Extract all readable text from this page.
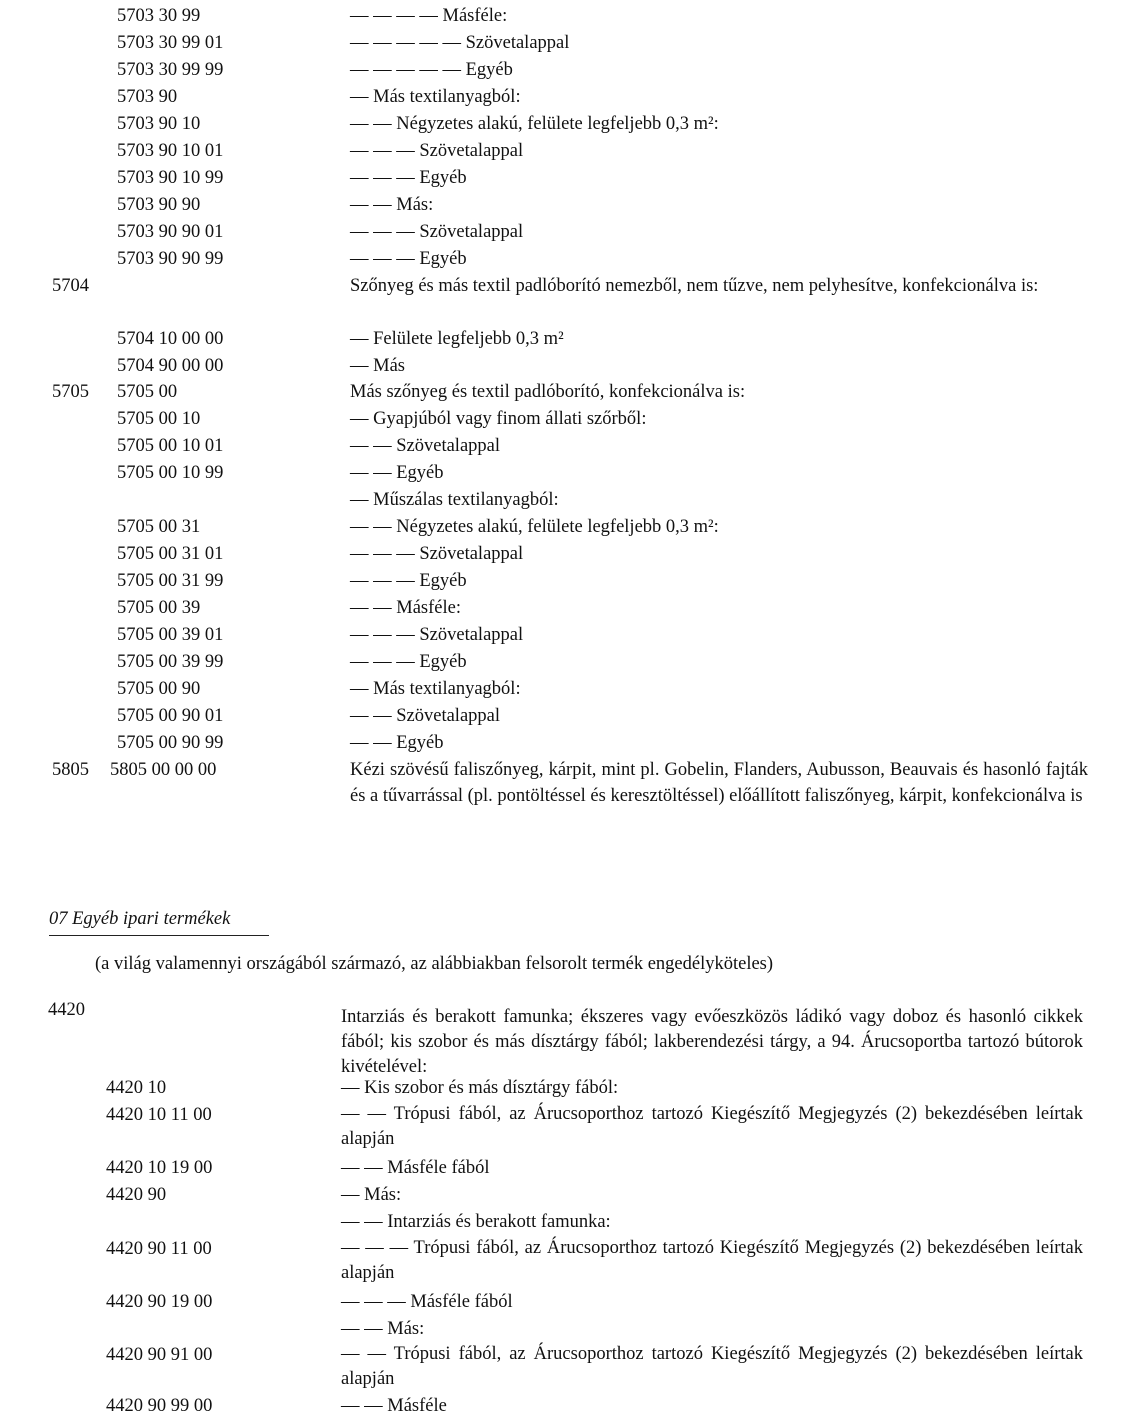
5703 30 99	— — — — Másféle:
5703 30 99 01	— — — — — Szövetalappal
5703 30 99 99	— — — — — Egyéb
5703 90	— Más textilanyagból:
5703 90 10	— — Négyzetes alakú, felülete legfeljebb 0,3 m²:
5703 90 10 01	— — — Szövetalappal
5703 90 10 99	— — — Egyéb
5703 90 90	— — Más:
5703 90 90 01	— — — Szövetalappal
5703 90 90 99	— — — Egyéb
5704	Szőnyeg és más textil padlóborító nemezből, nem tűzve, nem pelyhesítve, konfekcionálva is:
5704 10 00 00	— Felülete legfeljebb 0,3 m²
5704 90 00 00	— Más
5705 5705 00	Más szőnyeg és textil padlóborító, konfekcionálva is:
5705 00 10	— Gyapjúból vagy finom állati szőrből:
5705 00 10 01	— — Szövetalappal
5705 00 10 99	— — Egyéb
— Műszálas textilanyagból:
5705 00 31	— — Négyzetes alakú, felülete legfeljebb 0,3 m²:
5705 00 31 01	— — — Szövetalappal
5705 00 31 99	— — — Egyéb
5705 00 39	— — Másféle:
5705 00 39 01	— — — Szövetalappal
5705 00 39 99	— — — Egyéb
5705 00 90	— Más textilanyagból:
5705 00 90 01	— — Szövetalappal
5705 00 90 99	— — Egyéb
5805 5805 00 00 00	Kézi szövésű faliszőnyeg, kárpit, mint pl. Gobelin, Flanders, Aubusson, Beauvais és hasonló fajták és a tűvarrással (pl. pontöltéssel és keresztöltéssel) előállított faliszőnyeg, kárpit, konfekcionálva is
07 Egyéb ipari termékek
(a világ valamennyi országából származó, az alábbiakban felsorolt termék engedélyköteles)
4420	Intarziás és berakott famunka; ékszeres vagy evőeszközös ládikó vagy doboz és hasonló cikkek fából; kis szobor és más dísztárgy fából; lakberendezési tárgy, a 94. Árucsoportba tartozó bútorok kivételével:
4420 10	— Kis szobor és más dísztárgy fából:
4420 10 11 00	— — Trópusi fából, az Árucsoporthoz tartozó Kiegészítő Megjegyzés (2) bekezdésében leírtak alapján
4420 10 19 00	— — Másféle fából
4420 90	— Más:
— — Intarziás és berakott famunka:
4420 90 11 00	— — — Trópusi fából, az Árucsoporthoz tartozó Kiegészítő Megjegyzés (2) bekezdésében leírtak alapján
4420 90 19 00	— — — Másféle fából
— — Más:
4420 90 91 00	— — Trópusi fából, az Árucsoporthoz tartozó Kiegészítő Megjegyzés (2) bekezdésében leírtak alapján
4420 90 99 00	— — Másféle
